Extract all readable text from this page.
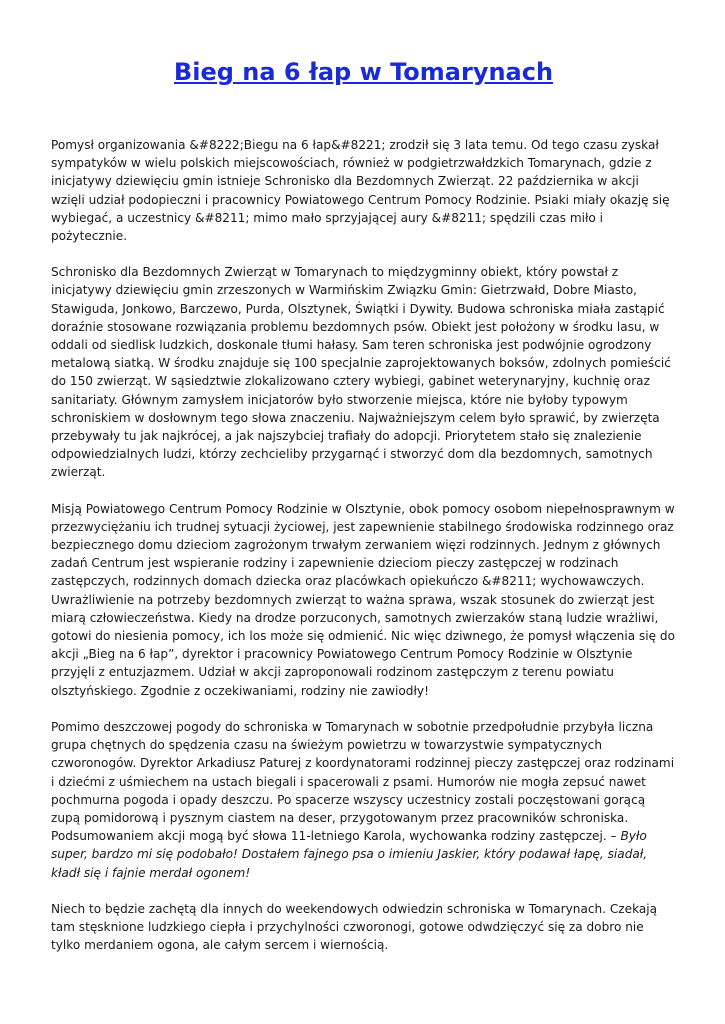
Bieg na 6 łap w Tomarynach

Pomysł organizowania &#8222;Biegu na 6 łap&#8221; zrodził się 3 lata temu. Od tego czasu zyskał sympatyków w wielu polskich miejscowościach, również w podgietrzwałdzkich Tomarynach, gdzie z inicjatywy dziewięciu gmin istnieje Schronisko dla Bezdomnych Zwierząt. 22 października w akcji wzięli udział podopieczni i pracownicy Powiatowego Centrum Pomocy Rodzinie. Psiaki miały okazję się wybiegać, a uczestnicy &#8211; mimo mało sprzyjającej aury &#8211; spędzili czas miło i pożytecznie.

Schronisko dla Bezdomnych Zwierząt w Tomarynach to międzygminny obiekt, który powstał z inicjatywy dziewięciu gmin zrzeszonych w Warmińskim Związku Gmin: Gietrzwałd, Dobre Miasto, Stawiguda, Jonkowo, Barczewo, Purda, Olsztynek, Świątki i Dywity. Budowa schroniska miała zastąpić doraźnie stosowane rozwiązania problemu bezdomnych psów. Obiekt jest położony w środku lasu, w oddali od siedlisk ludzkich, doskonale tłumi hałasy. Sam teren schroniska jest podwójnie ogrodzony metalową siatką. W środku znajduje się 100 specjalnie zaprojektowanych boksów, zdolnych pomieścić do 150 zwierząt. W sąsiedztwie zlokalizowano cztery wybiegi, gabinet weterynaryjny, kuchnię oraz sanitariaty. Głównym zamysłem inicjatorów było stworzenie miejsca, które nie byłoby typowym schroniskiem w dosłownym tego słowa znaczeniu. Najważniejszym celem było sprawić, by zwierzęta przebywały tu jak najkrócej, a jak najszybciej trafiały do adopcji. Priorytetem stało się znalezienie odpowiedzialnych ludzi, którzy zechcieliby przygarnąć i stworzyć dom dla bezdomnych, samotnych zwierząt.

Misją Powiatowego Centrum Pomocy Rodzinie w Olsztynie, obok pomocy osobom niepełnosprawnym w przezwyciężaniu ich trudnej sytuacji życiowej, jest zapewnienie stabilnego środowiska rodzinnego oraz bezpiecznego domu dzieciom zagrożonym trwałym zerwaniem więzi rodzinnych. Jednym z głównych zadań Centrum jest wspieranie rodziny i zapewnienie dzieciom pieczy zastępczej w rodzinach zastępczych, rodzinnych domach dziecka oraz placówkach opiekuńczo &#8211; wychowawczych.

Uwrażliwienie na potrzeby bezdomnych zwierząt to ważna sprawa, wszak stosunek do zwierząt jest miarą człowieczeństwa. Kiedy na drodze porzuconych, samotnych zwierzaków staną ludzie wrażliwi, gotowi do niesienia pomocy, ich los może się odmienić. Nic więc dziwnego, że pomysł włączenia się do akcji „Bieg na 6 łap”, dyrektor i pracownicy Powiatowego Centrum Pomocy Rodzinie w Olsztynie przyjęli z entuzjazmem. Udział w akcji zaproponowali rodzinom zastępczym z terenu powiatu olsztyńskiego. Zgodnie z oczekiwaniami, rodziny nie zawiodły!

Pomimo deszczowej pogody do schroniska w Tomarynach w sobotnie przedpołudnie przybyła liczna grupa chętnych do spędzenia czasu na świeżym powietrzu w towarzystwie sympatycznych czworonogów. Dyrektor Arkadiusz Paturej z koordynatorami rodzinnej pieczy zastępczej oraz rodzinami i dziećmi z uśmiechem na ustach biegali i spacerowali z psami. Humorów nie mogła zepsuć nawet pochmurna pogoda i opady deszczu. Po spacerze wszyscy uczestnicy zostali poczęstowani gorącą zupą pomidorową i pysznym ciastem na deser, przygotowanym przez pracowników schroniska. Podsumowaniem akcji mogą być słowa 11-letniego Karola, wychowanka rodziny zastępczej. – Było super, bardzo mi się podobało! Dostałem fajnego psa o imieniu Jaskier, który podawał łapę, siadał, kładł się i fajnie merdał ogonem!

Niech to będzie zachętą dla innych do weekendowych odwiedzin schroniska w Tomarynach. Czekają tam stęsknione ludzkiego ciepła i przychylności czworonogi, gotowe odwdzięczyć się za dobro nie tylko merdaniem ogona, ale całym sercem i wiernością.
